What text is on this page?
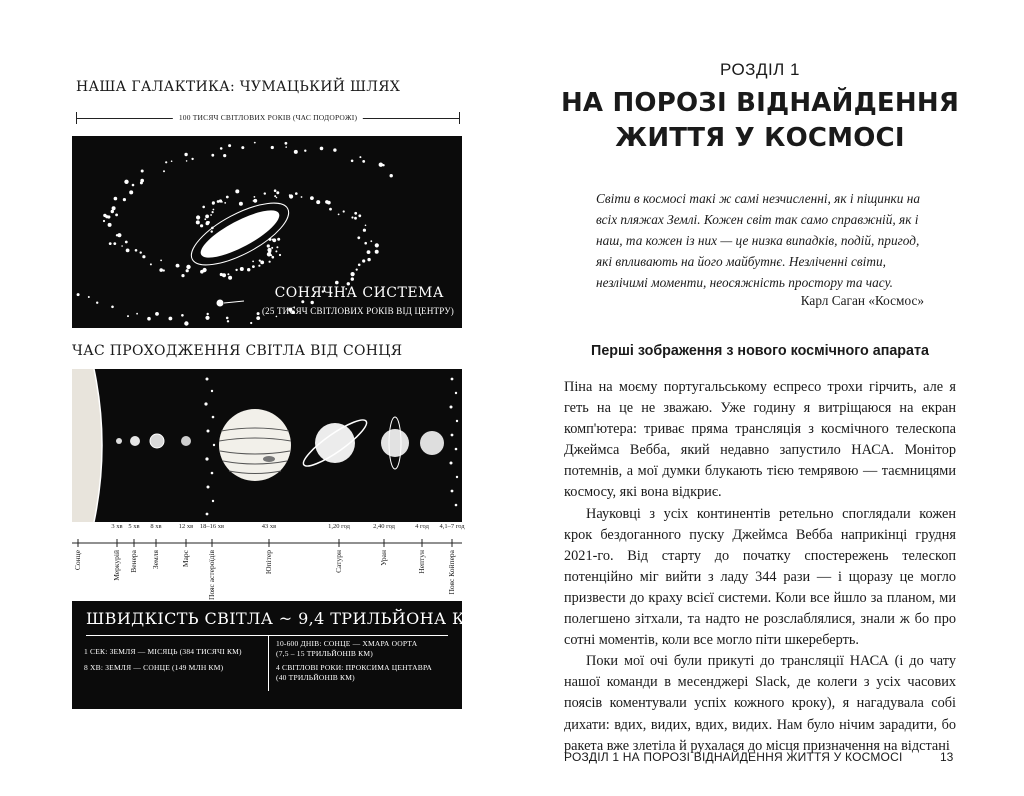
НАША ГАЛАКТИКА: ЧУМАЦЬКИЙ ШЛЯХ
100 ТИСЯЧ СВІТЛОВИХ РОКІВ (ЧАС ПОДОРОЖІ)
СОНЯЧНА СИСТЕМА
(25 ТИСЯЧ СВІТЛОВИХ РОКІВ ВІД ЦЕНТРУ)
ЧАС ПРОХОДЖЕННЯ СВІТЛА ВІД СОНЦЯ
Сонце
3 хв
Меркурій
5 хв
Венера
8 хв
Земля
12 хв
Марс
18–16 хв
Пояс астероїдів
43 хв
Юпітер
1,20 год
Сатурн
2,40 год
Уран
4 год
Нептун
4,1–7 год
Пояс Койпера
ШВИДКІСТЬ СВІТЛА ~ 9,4 ТРИЛЬЙОНА КМ НА РІК
1 СЕК: ЗЕМЛЯ — МІСЯЦЬ (384 ТИСЯЧІ КМ)
8 ХВ: ЗЕМЛЯ — СОНЦЕ (149 МЛН КМ)
10-600 ДНІВ: СОНЦЕ — ХМАРА ООРТА
(7,5 – 15 ТРИЛЬЙОНІВ КМ)
4 СВІТЛОВІ РОКИ: ПРОКСИМА ЦЕНТАВРА
(40 ТРИЛЬЙОНІВ КМ)
РОЗДІЛ 1
НА ПОРОЗІ ВІДНАЙДЕННЯ
ЖИТТЯ У КОСМОСІ
Світи в космосі такі ж самі незчисленні, як і піщинки на всіх пляжах Землі. Кожен світ так само справжній, як і наш, та кожен із них — це низка випадків, подій, пригод, які впливають на його майбутнє. Незліченні світи, незлічимі моменти, неосяжність простору та часу.
Карл Саган «Космос»
Перші зображення з нового космічного апарата

Піна на моєму португальському еспресо трохи гірчить, але я геть на це не зважаю. Уже годину я витріщаюся на екран комп'ютера: триває пряма трансляція з космічного телескопа Джеймса Вебба, який недавно запустило НАСА. Монітор потемнів, а мої думки блукають тією темрявою — таємницями космосу, які вона відкриє.

Науковці з усіх континентів ретельно споглядали кожен крок бездоганного пуску Джеймса Вебба наприкінці грудня 2021-го. Від старту до початку спостережень телескоп потенційно міг вийти з ладу 344 рази — і щоразу це могло призвести до краху всієї системи. Коли все йшло за планом, ми полегшено зітхали, та надто не розслаблялися, знали ж бо про сотні моментів, коли все могло піти шкереберть.

Поки мої очі були прикуті до трансляції НАСА (і до чату нашої команди в месенджері Slack, де колеги з усіх часових поясів коментували успіх кожного кроку), я нагадувала собі дихати: вдих, видих, вдих, видих. Нам було нічим зарадити, бо ракета вже злетіла й рухалася до місця призначення на відстані

РОЗДІЛ 1 НА ПОРОЗІ ВІДНАЙДЕННЯ ЖИТТЯ У КОСМОСІ	13
